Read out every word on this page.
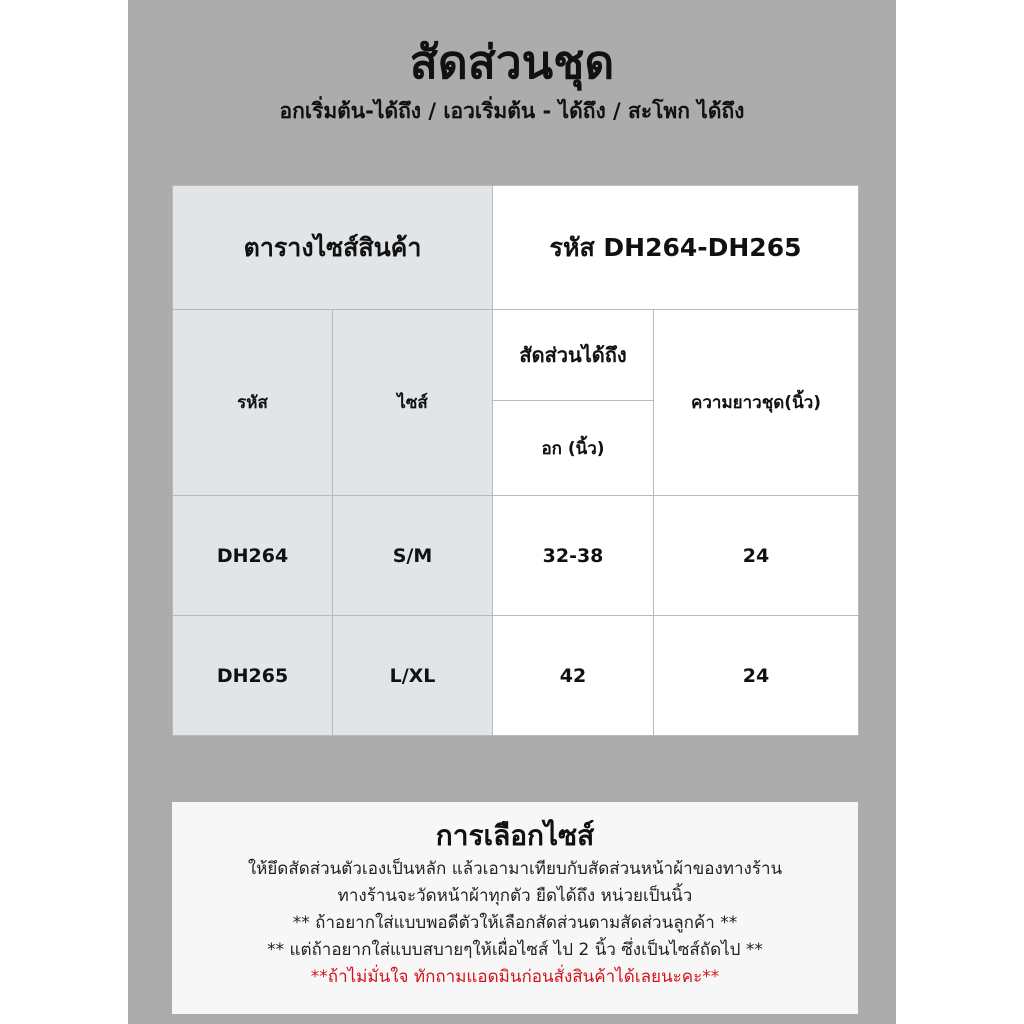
สัดส่วนชุด
อกเริ่มต้น-ได้ถึง / เอวเริ่มต้น - ได้ถึง / สะโพก ได้ถึง
ตารางไซส์สินค้า		รหัส DH264-DH265	
รหัส	ไซส์	สัดส่วนได้ถึง	ความยาวชุด(นิ้ว)
		อก (นิ้ว)	
DH264	S/M	32-38	24
DH265	L/XL	42	24
การเลือกไซส์
ให้ยึดสัดส่วนตัวเองเป็นหลัก แล้วเอามาเทียบกับสัดส่วนหน้าผ้าของทางร้าน
ทางร้านจะวัดหน้าผ้าทุกตัว ยืดได้ถึง หน่วยเป็นนิ้ว
** ถ้าอยากใส่แบบพอดีตัวให้เลือกสัดส่วนตามสัดส่วนลูกค้า **
** แต่ถ้าอยากใส่แบบสบายๆให้เผื่อไซส์ ไป 2 นิ้ว ซึ่งเป็นไซส์ถัดไป **
**ถ้าไม่มั่นใจ ทักถามแอดมินก่อนสั่งสินค้าได้เลยนะคะ**
